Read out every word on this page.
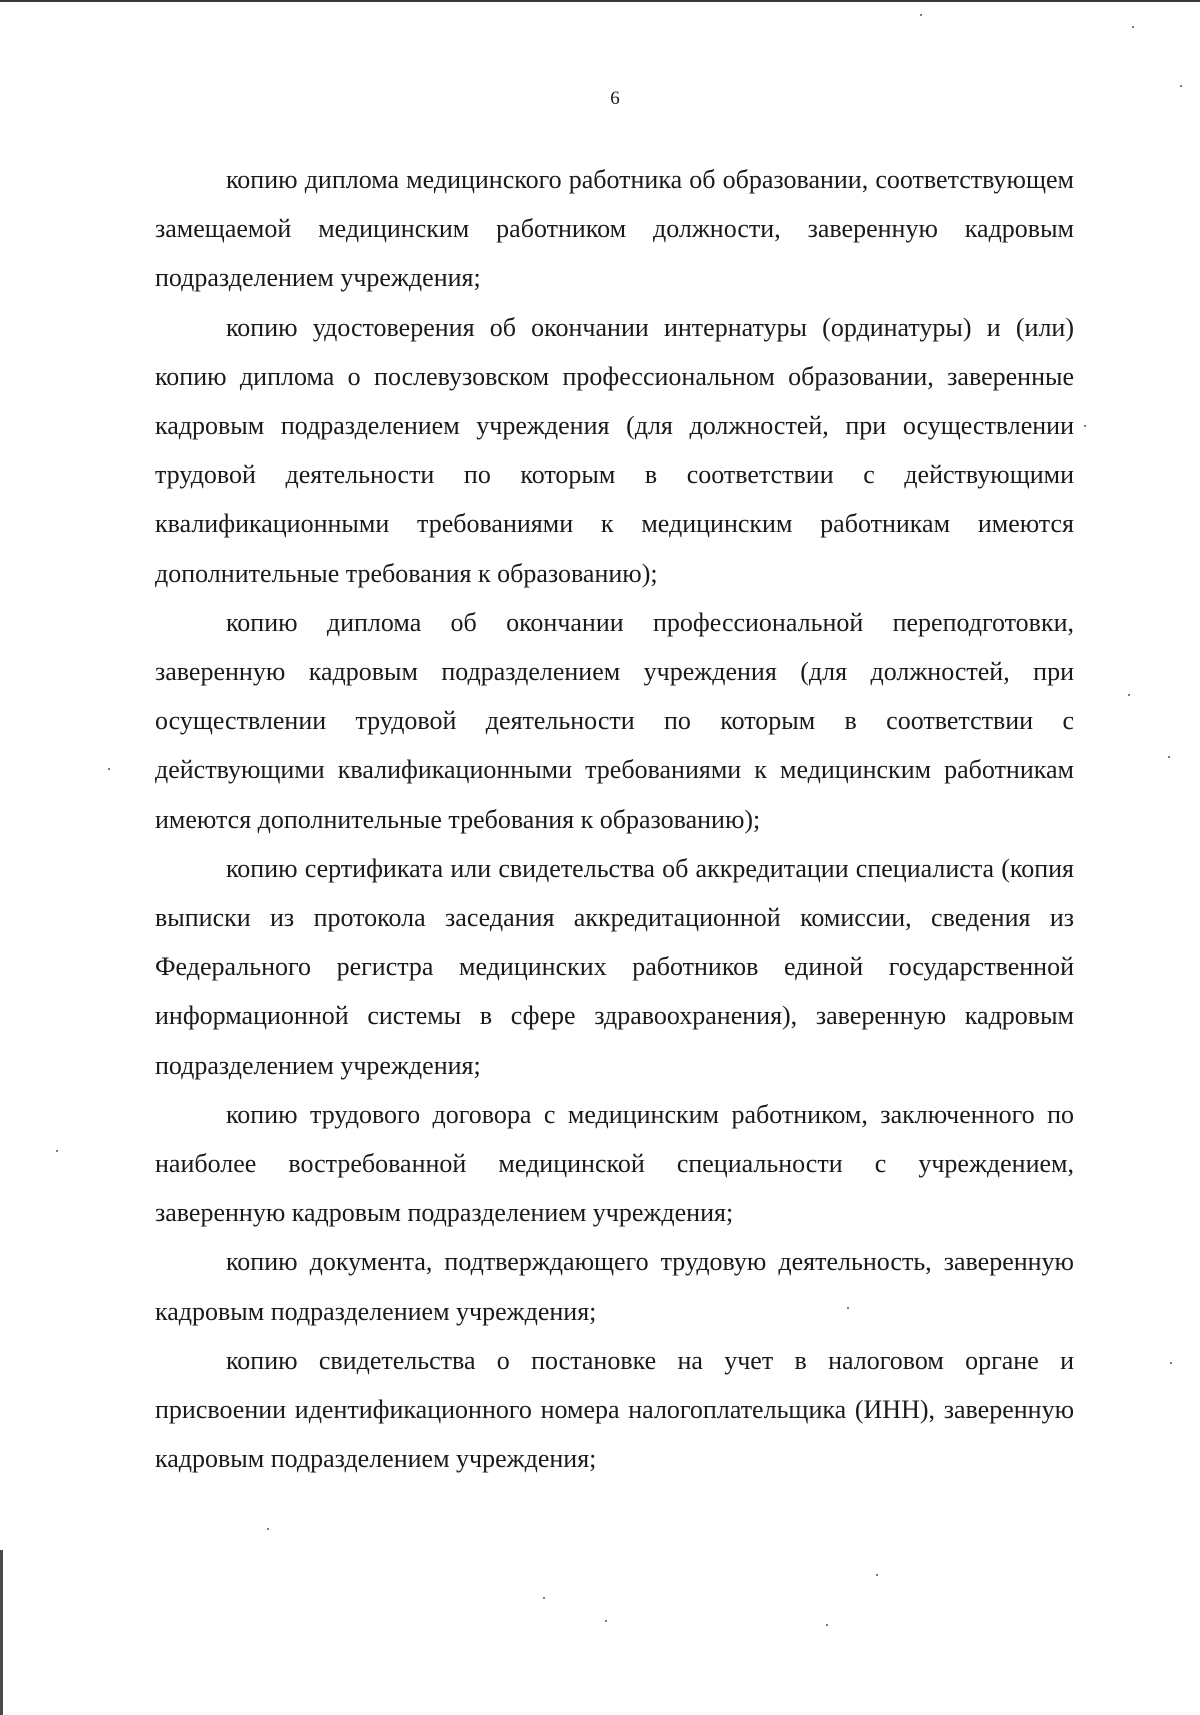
6

копию диплома медицинского работника об образовании, соответствующем замещаемой медицинским работником должности, заверенную кадровым подразделением учреждения;

копию удостоверения об окончании интернатуры (ординатуры) и (или) копию диплома о послевузовском профессиональном образовании, заверенные кадровым подразделением учреждения (для должностей, при осуществлении трудовой деятельности по которым в соответствии с действующими квалификационными требованиями к медицинским работникам имеются дополнительные требования к образованию);

копию диплома об окончании профессиональной переподготовки, заверенную кадровым подразделением учреждения (для должностей, при осуществлении трудовой деятельности по которым в соответствии с действующими квалификационными требованиями к медицинским работникам имеются дополнительные требования к образованию);

копию сертификата или свидетельства об аккредитации специалиста (копия выписки из протокола заседания аккредитационной комиссии, сведения из Федерального регистра медицинских работников единой государственной информационной системы в сфере здравоохранения), заверенную кадровым подразделением учреждения;

копию трудового договора с медицинским работником, заключенного по наиболее востребованной медицинской специальности с учреждением, заверенную кадровым подразделением учреждения;

копию документа, подтверждающего трудовую деятельность, заверенную кадровым подразделением учреждения;

копию свидетельства о постановке на учет в налоговом органе и присвоении идентификационного номера налогоплательщика (ИНН), заверенную кадровым подразделением учреждения;
